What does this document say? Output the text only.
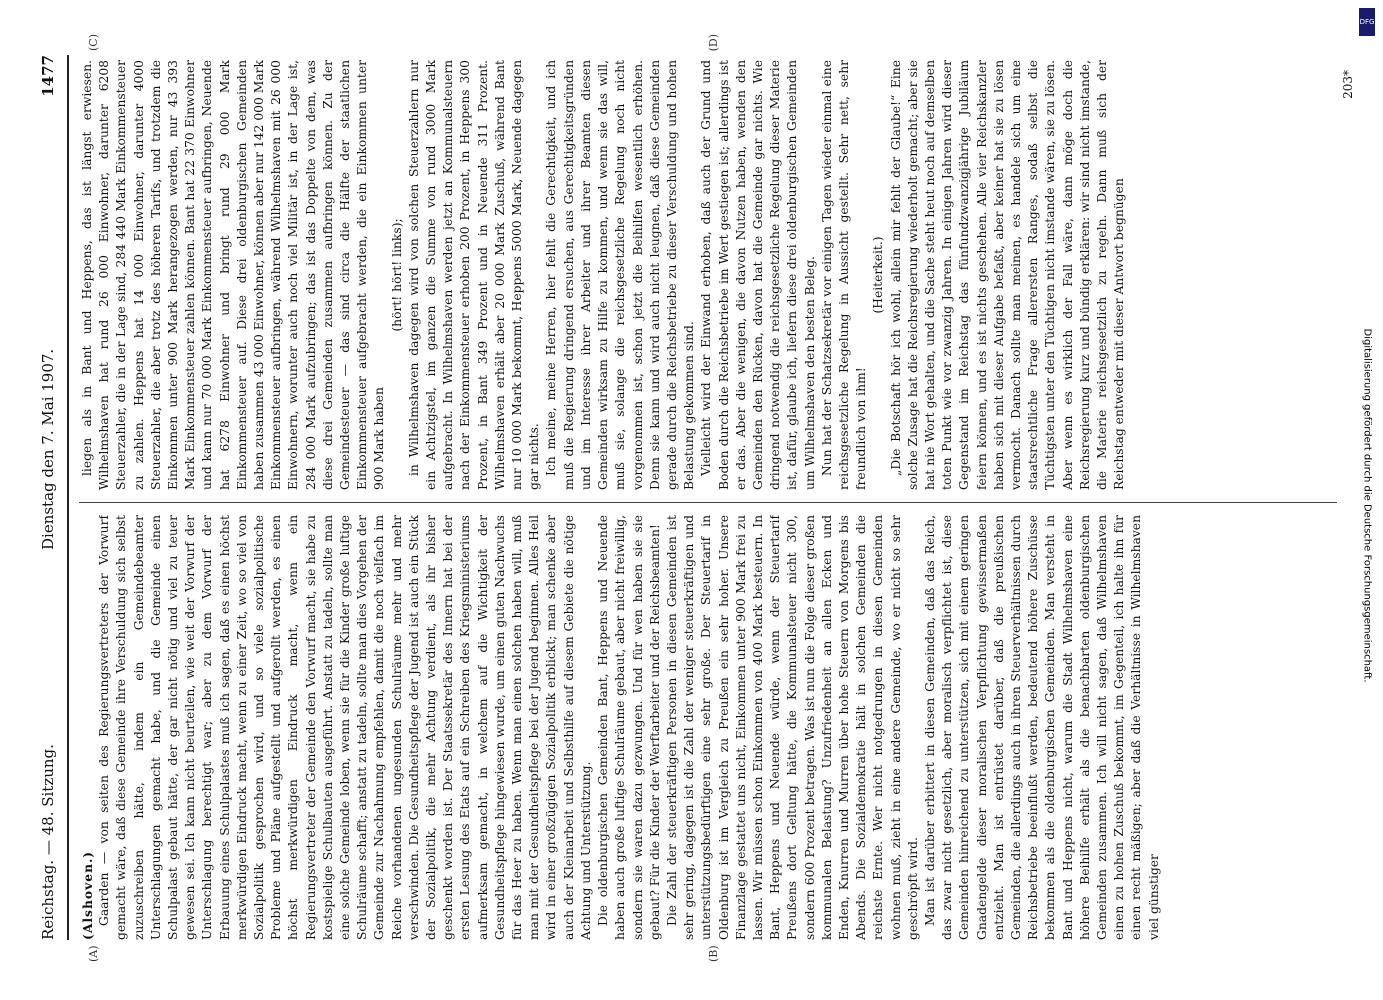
Reichstag. — 48. Sitzung.
Dienstag den 7. Mai 1907.
1477
(A)	(B)
(C)	(D)
(Alshoven.) Gaarden — von seiten des Regierungsvertreters der Vorwurf gemacht wäre, daß diese Gemeinde ihre Verschuldung sich selbst zuzuschreiben hätte, indem ein Gemeindebeamter Unterschlagungen gemacht habe, und die Gemeinde einen Schulpalast gebaut hätte, der gar nicht nötig und viel zu teuer gewesen sei. Ich kann nicht beurteilen, wie weit der Vorwurf der Unterschlagung berechtigt war; aber zu dem Vorwurf der Erbauung eines Schulpalastes muß ich sagen, daß es einen höchst merkwürdigen Eindruck macht, wenn zu einer Zeit, wo so viel von Sozialpolitik gesprochen wird, und so viele sozialpolitische Probleme und Pläne aufgestellt und aufgerollt werden, es einen höchst merkwürdigen Eindruck macht, wenn ein Regierungsvertreter der Gemeinde den Vorwurf macht, sie habe zu kostspielige Schulbauten ausgeführt. Anstatt zu tadeln, sollte man eine solche Gemeinde loben, wenn sie für die Kinder große luftige Schulräume schafft; anstatt zu tadeln, sollte man dies Vorgehen der Gemeinde zur Nachahmung empfehlen, damit die noch vielfach im Reiche vorhandenen ungesunden Schulräume mehr und mehr verschwinden. Die Gesundheitspflege der Jugend ist auch ein Stück der Sozialpolitik, die mehr Achtung verdient, als ihr bisher geschenkt worden ist. Der Staatssekretär des Innern hat bei der ersten Lesung des Etats auf ein Schreiben des Kriegsministeriums aufmerksam gemacht, in welchem auf die Wichtigkeit der Gesundheitspflege hingewiesen wurde, um einen guten Nachwuchs für das Heer zu haben. Wenn man einen solchen haben will, muß man mit der Gesundheitspflege bei der Jugend beginnen. Alles Heil wird in einer großzügigen Sozialpolitik erblickt; man schenke aber auch der Kleinarbeit und Selbsthilfe auf diesem Gebiete die nötige Achtung und Unterstützung. Die oldenburgischen Gemeinden Bant, Heppens und Neuende haben auch große luftige Schulräume gebaut, aber nicht freiwillig, sondern sie waren dazu gezwungen. Und für wen haben sie sie gebaut? Für die Kinder der Werftarbeiter und der Reichsbeamten! Die Zahl der steuerkräftigen Personen in diesen Gemeinden ist sehr gering, dagegen ist die Zahl der weniger steuerkräftigen und unterstützungsbedürftigen eine sehr große. Der Steuertarif in Oldenburg ist im Vergleich zu Preußen ein sehr hoher. Unsere Finanzlage gestattet uns nicht, Einkommen unter 900 Mark frei zu lassen. Wir müssen schon Einkommen von 400 Mark besteuern. In Bant, Heppens und Neuende würde, wenn der Steuertarif Preußens dort Geltung hätte, die Kommunalsteuer nicht 300, sondern 600 Prozent betragen. Was ist nun die Folge dieser großen kommunalen Belastung? Unzufriedenheit an allen Ecken und Enden, Knurren und Murren über hohe Steuern von Morgens bis Abends. Die Sozialdemokratie hält in solchen Gemeinden die reichste Ernte. Wer nicht notgedrungen in diesen Gemeinden wohnen muß, zieht in eine andere Gemeinde, wo er nicht so sehr geschröpft wird. Man ist darüber erbittert in diesen Gemeinden, daß das Reich, das zwar nicht gesetzlich, aber moralisch verpflichtet ist, diese Gemeinden hinreichend zu unterstützen, sich mit einem geringen Gnadengelde dieser moralischen Verpflichtung gewissermaßen entzieht. Man ist entrüstet darüber, daß die preußischen Gemeinden, die allerdings auch in ihren Steuerverhältnissen durch Reichsbetriebe beeinflußt werden, bedeutend höhere Zuschüsse bekommen als die oldenburgischen Gemeinden. Man versteht in Bant und Heppens nicht, warum die Stadt Wilhelmshaven eine höhere Beihilfe erhält als die benachbarten oldenburgischen Gemeinden zusammen. Ich will nicht sagen, daß Wilhelmshaven einen zu hohen Zuschuß bekommt, im Gegenteil, ich halte ihn für einen recht mäßigen; aber daß die Verhältnisse in Wilhelmshaven viel günstiger

liegen als in Bant und Heppens, das ist längst erwiesen. Wilhelmshaven hat rund 26 000 Einwohner, darunter 6208 Steuerzahler, die in der Lage sind, 284 440 Mark Einkommensteuer zu zahlen. Heppens hat 14 000 Einwohner, darunter 4000 Steuerzahler, die aber trotz des höheren Tarifs, und trotzdem die Einkommen unter 900 Mark herangezogen werden, nur 43 393 Mark Einkommensteuer zahlen können. Bant hat 22 370 Einwohner und kann nur 70 000 Mark Einkommensteuer aufbringen, Neuende hat 6278 Einwohner und bringt rund 29 000 Mark Einkommensteuer auf. Diese drei oldenburgischen Gemeinden haben zusammen 43 000 Einwohner, können aber nur 142 000 Mark Einkommensteuer aufbringen, während Wilhelmshaven mit 26 000 Einwohnern, worunter auch noch viel Militär ist, in der Lage ist, 284 000 Mark aufzubringen; das ist das Doppelte von dem, was diese drei Gemeinden zusammen aufbringen können. Zu der Gemeindesteuer — das sind circa die Hälfte der staatlichen Einkommensteuer aufgebracht werden, die ein Einkommen unter 900 Mark haben

(hört! hört! links); in Wilhelmshaven dagegen wird von solchen Steuerzahlern nur ein Achtzigstel, im ganzen die Summe von rund 3000 Mark aufgebracht. In Wilhelmshaven werden jetzt an Kommunalsteuern nach der Einkommensteuer erhoben 200 Prozent, in Heppens 300 Prozent, in Bant 349 Prozent und in Neuende 311 Prozent. Wilhelmshaven erhält aber 20 000 Mark Zuschuß, während Bant nur 10 000 Mark bekommt, Heppens 5000 Mark, Neuende dagegen gar nichts. Ich meine, meine Herren, hier fehlt die Gerechtigkeit, und ich muß die Regierung dringend ersuchen, aus Gerechtigkeitsgründen und im Interesse ihrer Arbeiter und ihrer Beamten diesen Gemeinden wirksam zu Hilfe zu kommen, und wenn sie das will, muß sie, solange die reichsgesetzliche Regelung noch nicht vorgenommen ist, schon jetzt die Beihilfen wesentlich erhöhen. Denn sie kann und wird auch nicht leugnen, daß diese Gemeinden gerade durch die Reichsbetriebe zu dieser Verschuldung und hohen Belastung gekommen sind. Vielleicht wird der Einwand erhoben, daß auch der Grund und Boden durch die Reichsbetriebe im Wert gestiegen ist; allerdings ist er das. Aber die wenigen, die davon Nutzen haben, wenden den Gemeinden den Rücken, davon hat die Gemeinde gar nichts. Wie dringend notwendig die reichsgesetzliche Regelung dieser Materie ist, dafür, glaube ich, liefern diese drei oldenburgischen Gemeinden um Wilhelmshaven den besten Beleg. Nun hat der Schatzsekretär vor einigen Tagen wieder einmal eine reichsgesetzliche Regelung in Aussicht gestellt. Sehr nett, sehr freundlich von ihm!

(Heiterkeit.) „Die Botschaft hör ich wohl, allein mir fehlt der Glaube!“ Eine solche Zusage hat die Reichsregierung wiederholt gemacht; aber sie hat nie Wort gehalten, und die Sache steht heut noch auf demselben toten Punkt wie vor zwanzig Jahren. In einigen Jahren wird dieser Gegenstand im Reichstag das fünfundzwanzigjährige Jubiläum feiern können, und es ist nichts geschehen. Alle vier Reichskanzler haben sich mit dieser Aufgabe befaßt, aber keiner hat sie zu lösen vermocht. Danach sollte man meinen, es handele sich um eine staatsrechtliche Frage allerersten Ranges, sodaß selbst die Tüchtigsten unter den Tüchtigen nicht imstande wären, sie zu lösen. Aber wenn es wirklich der Fall wäre, dann möge doch die Reichsregierung kurz und bündig erklären: wir sind nicht imstande, die Materie reichsgesetzlich zu regeln. Dann muß sich der Reichstag entweder mit dieser Antwort begnügen

203*
DFG
Digitalisierung gefördert durch die Deutsche Forschungsgemeinschaft.
